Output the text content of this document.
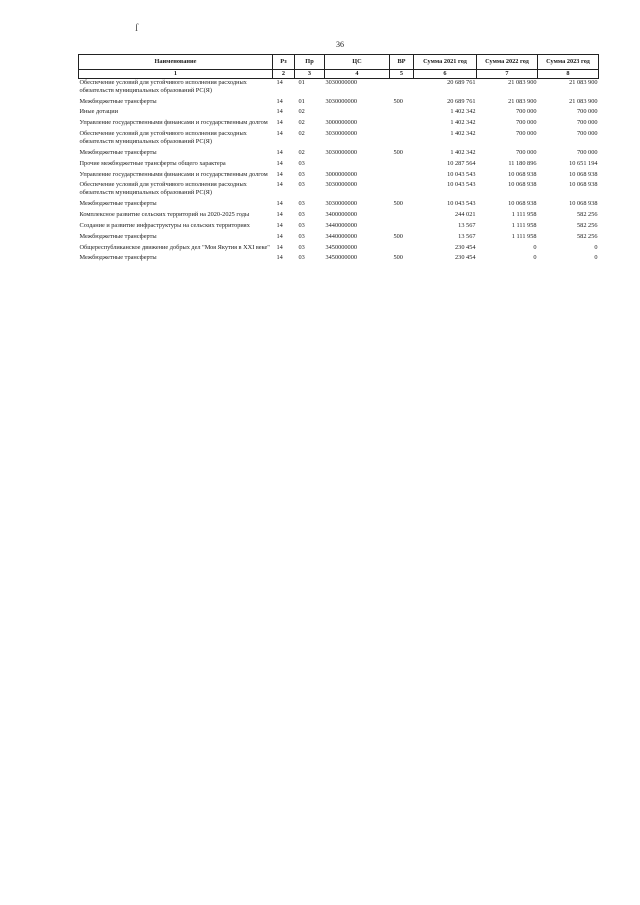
ſ
36
Наименование	Рз	Пр	ЦС	ВР	Сумма 2021 год	Сумма 2022 год	Сумма 2023 год
1	2	3	4	5	6	7	8
Обеспечение условий для устойчивого исполнения расходных обязательств муниципальных образований РС(Я)	14	01	3030000000		20 689 761	21 083 900	21 083 900
Межбюджетные трансферты	14	01	3030000000	500	20 689 761	21 083 900	21 083 900
Иные дотации	14	02			1 402 342	700 000	700 000
Управление государственными финансами и государственным долгом	14	02	3000000000		1 402 342	700 000	700 000
Обеспечение условий для устойчивого исполнения расходных обязательств муниципальных образований РС(Я)	14	02	3030000000		1 402 342	700 000	700 000
Межбюджетные трансферты	14	02	3030000000	500	1 402 342	700 000	700 000
Прочие межбюджетные трансферты общего характера	14	03			10 287 564	11 180 896	10 651 194
Управление государственными финансами и государственным долгом	14	03	3000000000		10 043 543	10 068 938	10 068 938
Обеспечение условий для устойчивого исполнения расходных обязательств муниципальных образований РС(Я)	14	03	3030000000		10 043 543	10 068 938	10 068 938
Межбюджетные трансферты	14	03	3030000000	500	10 043 543	10 068 938	10 068 938
Комплексное развитие сельских территорий на 2020-2025 годы	14	03	3400000000		244 021	1 111 958	582 256
Создание и развитие инфраструктуры на сельских территориях	14	03	3440000000		13 567	1 111 958	582 256
Межбюджетные трансферты	14	03	3440000000	500	13 567	1 111 958	582 256
Общереспубликанское движение добрых дел "Моя Якутия в XXI веке"	14	03	3450000000		230 454	0	0
Межбюджетные трансферты	14	03	3450000000	500	230 454	0	0
